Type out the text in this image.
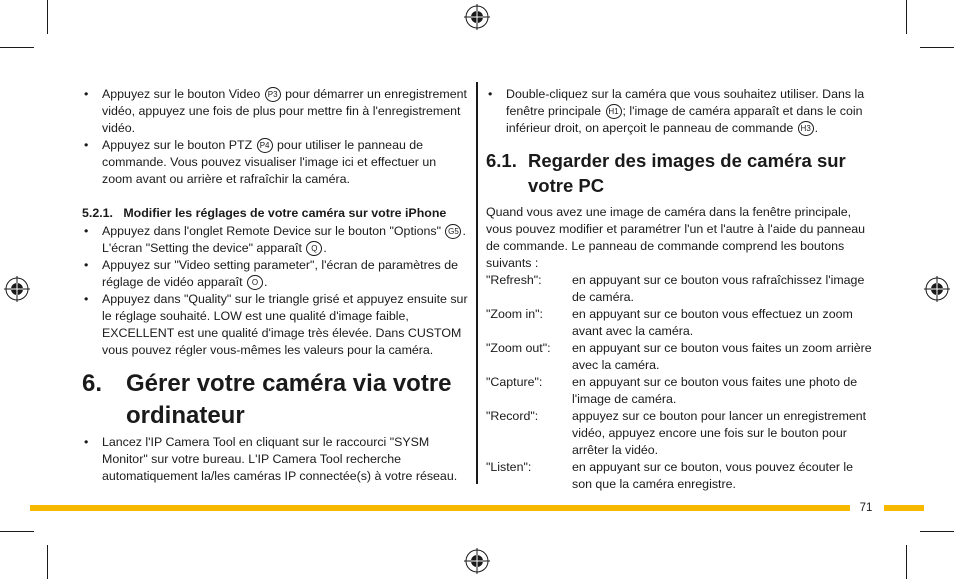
• Appuyez sur le bouton Video P3 pour démarrer un enregistrement vidéo, appuyez une fois de plus pour mettre fin à l'enregistrement vidéo.
• Appuyez sur le bouton PTZ P4 pour utiliser le panneau de commande. Vous pouvez visualiser l'image ici et effectuer un zoom avant ou arrière et rafraîchir la caméra.
5.2.1.   Modifier les réglages de votre caméra sur votre iPhone
• Appuyez dans l'onglet Remote Device sur le bouton "Options" G5 . L'écran "Setting the device" apparaît Q .
• Appuyez sur "Video setting parameter", l'écran de paramètres de réglage de vidéo apparaît O .
• Appuyez dans "Quality" sur le triangle grisé et appuyez ensuite sur le réglage souhaité. LOW est une qualité d'image faible, EXCELLENT est une qualité d'image très élevée. Dans CUSTOM vous pouvez régler vous-mêmes les valeurs pour la caméra.
6. Gérer votre caméra via votre ordinateur
• Lancez l'IP Camera Tool en cliquant sur le raccourci "SYSM Monitor" sur votre bureau. L'IP Camera Tool recherche automatiquement la/les caméras IP connectée(s) à votre réseau.
• Double-cliquez sur la caméra que vous souhaitez utiliser. Dans la fenêtre principale H1 ; l'image de caméra apparaît et dans le coin inférieur droit, on aperçoit le panneau de commande H3 .
6.1. Regarder des images de caméra sur votre PC
Quand vous avez une image de caméra dans la fenêtre principale, vous pouvez modifier et paramétrer l'un et l'autre à l'aide du panneau de commande. Le panneau de commande comprend les boutons suivants :
"Refresh":	en appuyant sur ce bouton vous rafraîchissez l'image de caméra.
"Zoom in":	en appuyant sur ce bouton vous effectuez un zoom avant avec la caméra.
"Zoom out":	en appuyant sur ce bouton vous faites un zoom arrière avec la caméra.
"Capture":	en appuyant sur ce bouton vous faites une photo de l'image de caméra.
"Record":	appuyez sur ce bouton pour lancer un enregistrement vidéo, appuyez encore une fois sur le bouton pour arrêter la vidéo.
"Listen":	en appuyant sur ce bouton, vous pouvez écouter le son que la caméra enregistre.
71
